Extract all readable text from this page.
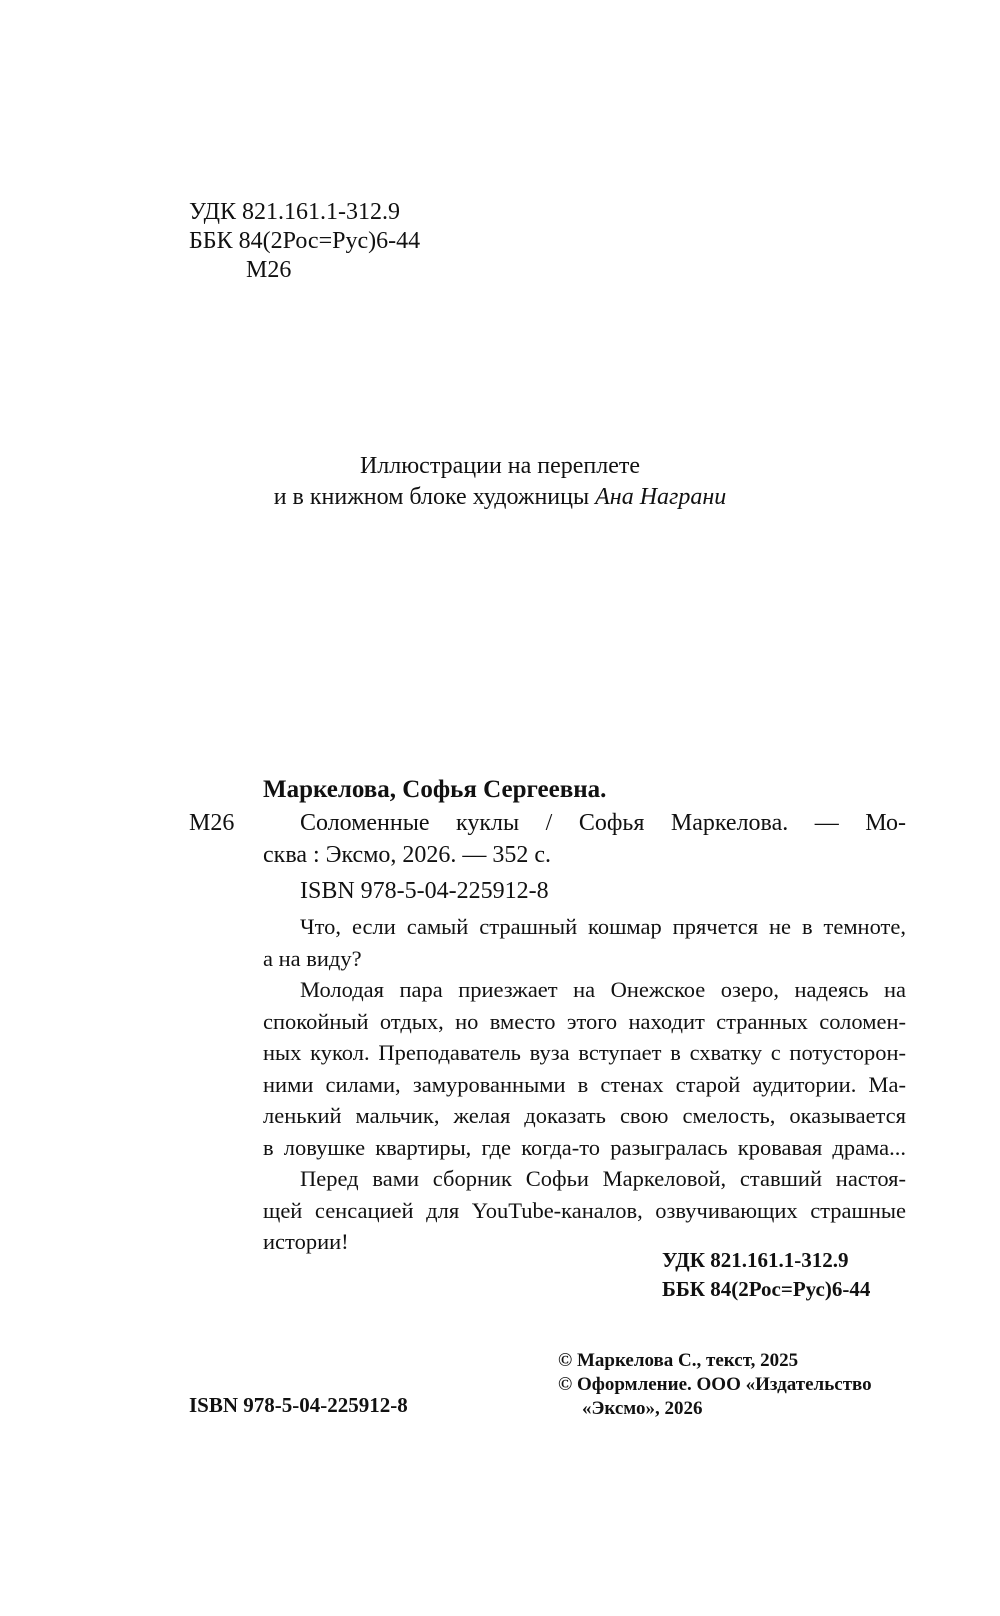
УДК 821.161.1-312.9
ББК 84(2Рос=Рус)6-44
М26
Иллюстрации на переплете
и в книжном блоке художницы Ана Награни
Маркелова, Софья Сергеевна.
М26	Соломенные куклы / Софья Маркелова. — Мо-
сква : Эксмо, 2026. — 352 с.
ISBN 978-5-04-225912-8

Что, если самый страшный кошмар прячется не в темноте,

а на виду?

Молодая пара приезжает на Онежское озеро, надеясь на

спокойный отдых, но вместо этого находит странных соломен-

ных кукол. Преподаватель вуза вступает в схватку с потусторон-

ними силами, замурованными в стенах старой аудитории. Ма-

ленький мальчик, желая доказать свою смелость, оказывается

в ловушке квартиры, где когда-то разыгралась кровавая драма...

Перед вами сборник Софьи Маркеловой, ставший настоя-

щей сенсацией для YouTube-каналов, озвучивающих страшные

истории!

УДК 821.161.1-312.9
ББК 84(2Рос=Рус)6-44
ISBN 978-5-04-225912-8
© Маркелова С., текст, 2025
© Оформление. ООО «Издательство
«Эксмо», 2026
